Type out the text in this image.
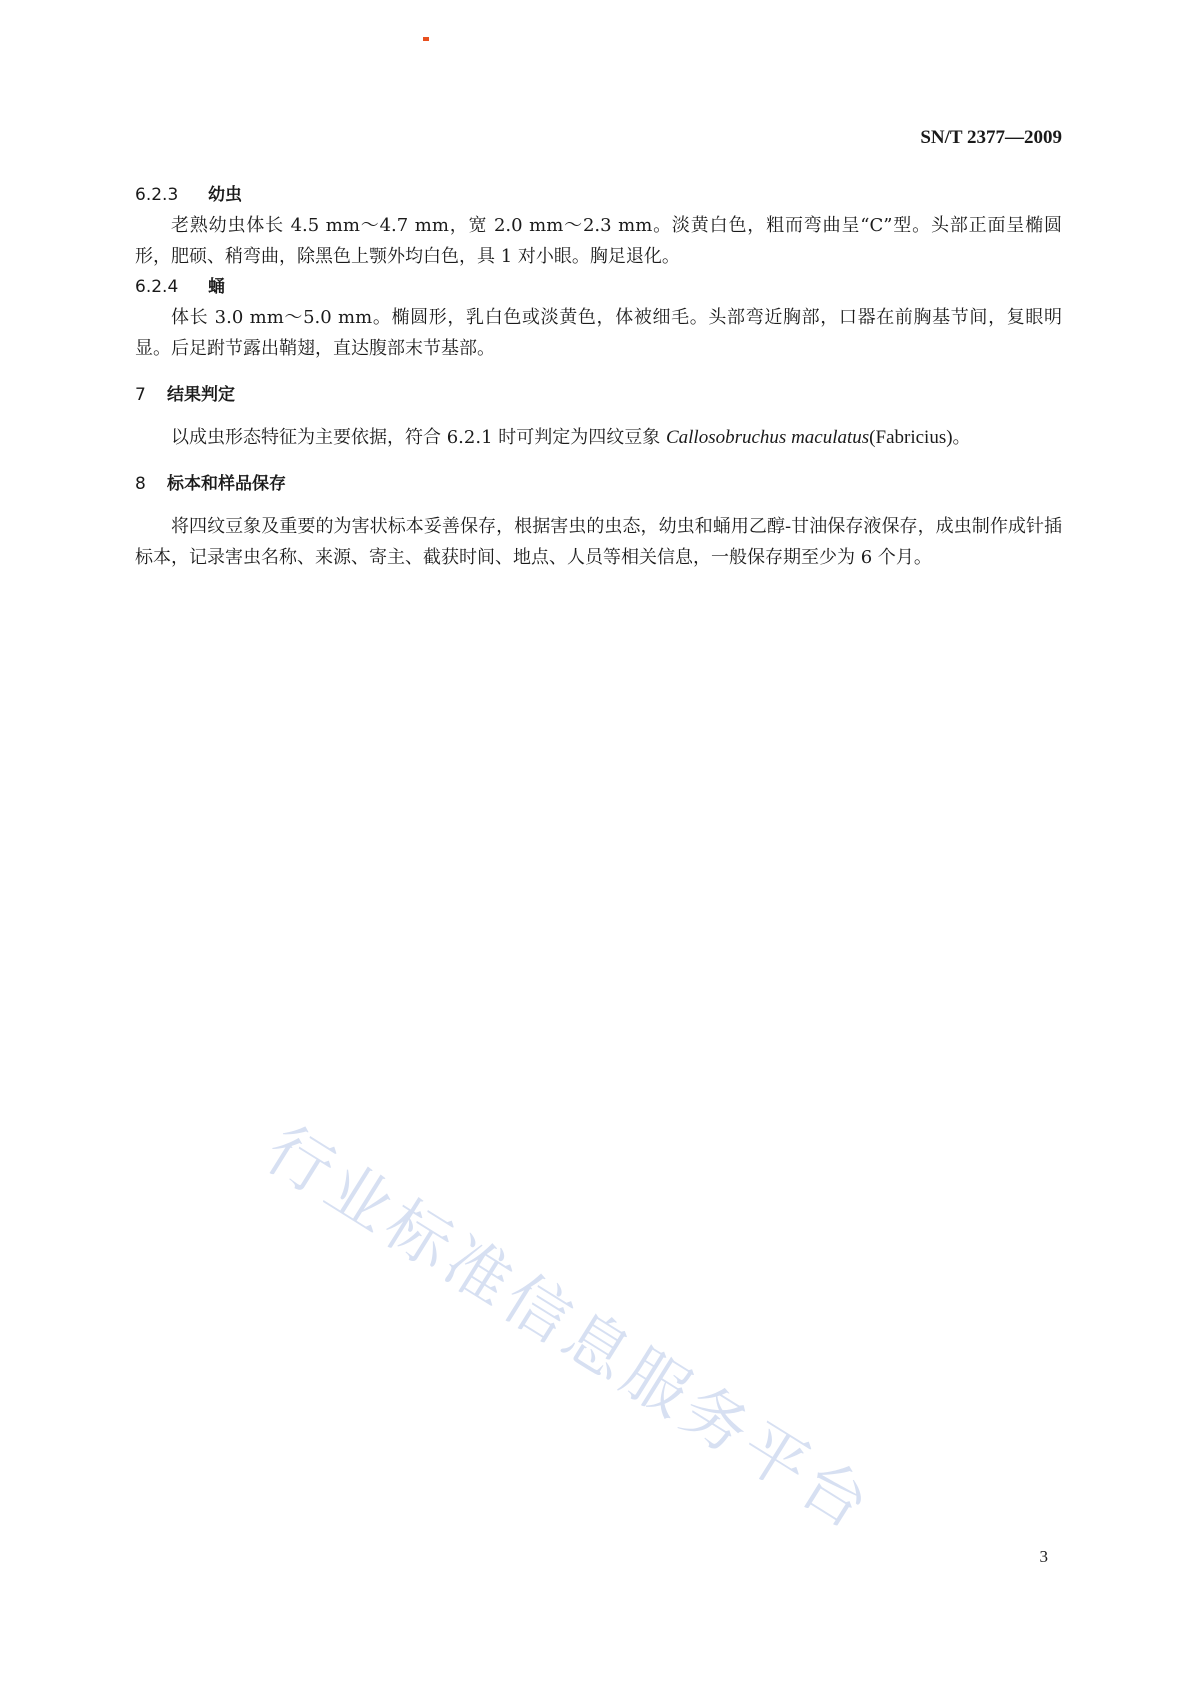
SN/T 2377—2009
6.2.3 幼虫

老熟幼虫体长 4.5 mm～4.7 mm，宽 2.0 mm～2.3 mm。淡黄白色，粗而弯曲呈“C”型。头部正面呈椭圆形，肥硕、稍弯曲，除黑色上颚外均白色，具 1 对小眼。胸足退化。

6.2.4 蛹

体长 3.0 mm～5.0 mm。椭圆形，乳白色或淡黄色，体被细毛。头部弯近胸部，口器在前胸基节间，复眼明显。后足跗节露出鞘翅，直达腹部末节基部。

7 结果判定

以成虫形态特征为主要依据，符合 6.2.1 时可判定为四纹豆象 Callosobruchus maculatus(Fabricius)。

8 标本和样品保存

将四纹豆象及重要的为害状标本妥善保存，根据害虫的虫态，幼虫和蛹用乙醇-甘油保存液保存，成虫制作成针插标本，记录害虫名称、来源、寄主、截获时间、地点、人员等相关信息，一般保存期至少为 6 个月。

行业标准信息服务平台
3
